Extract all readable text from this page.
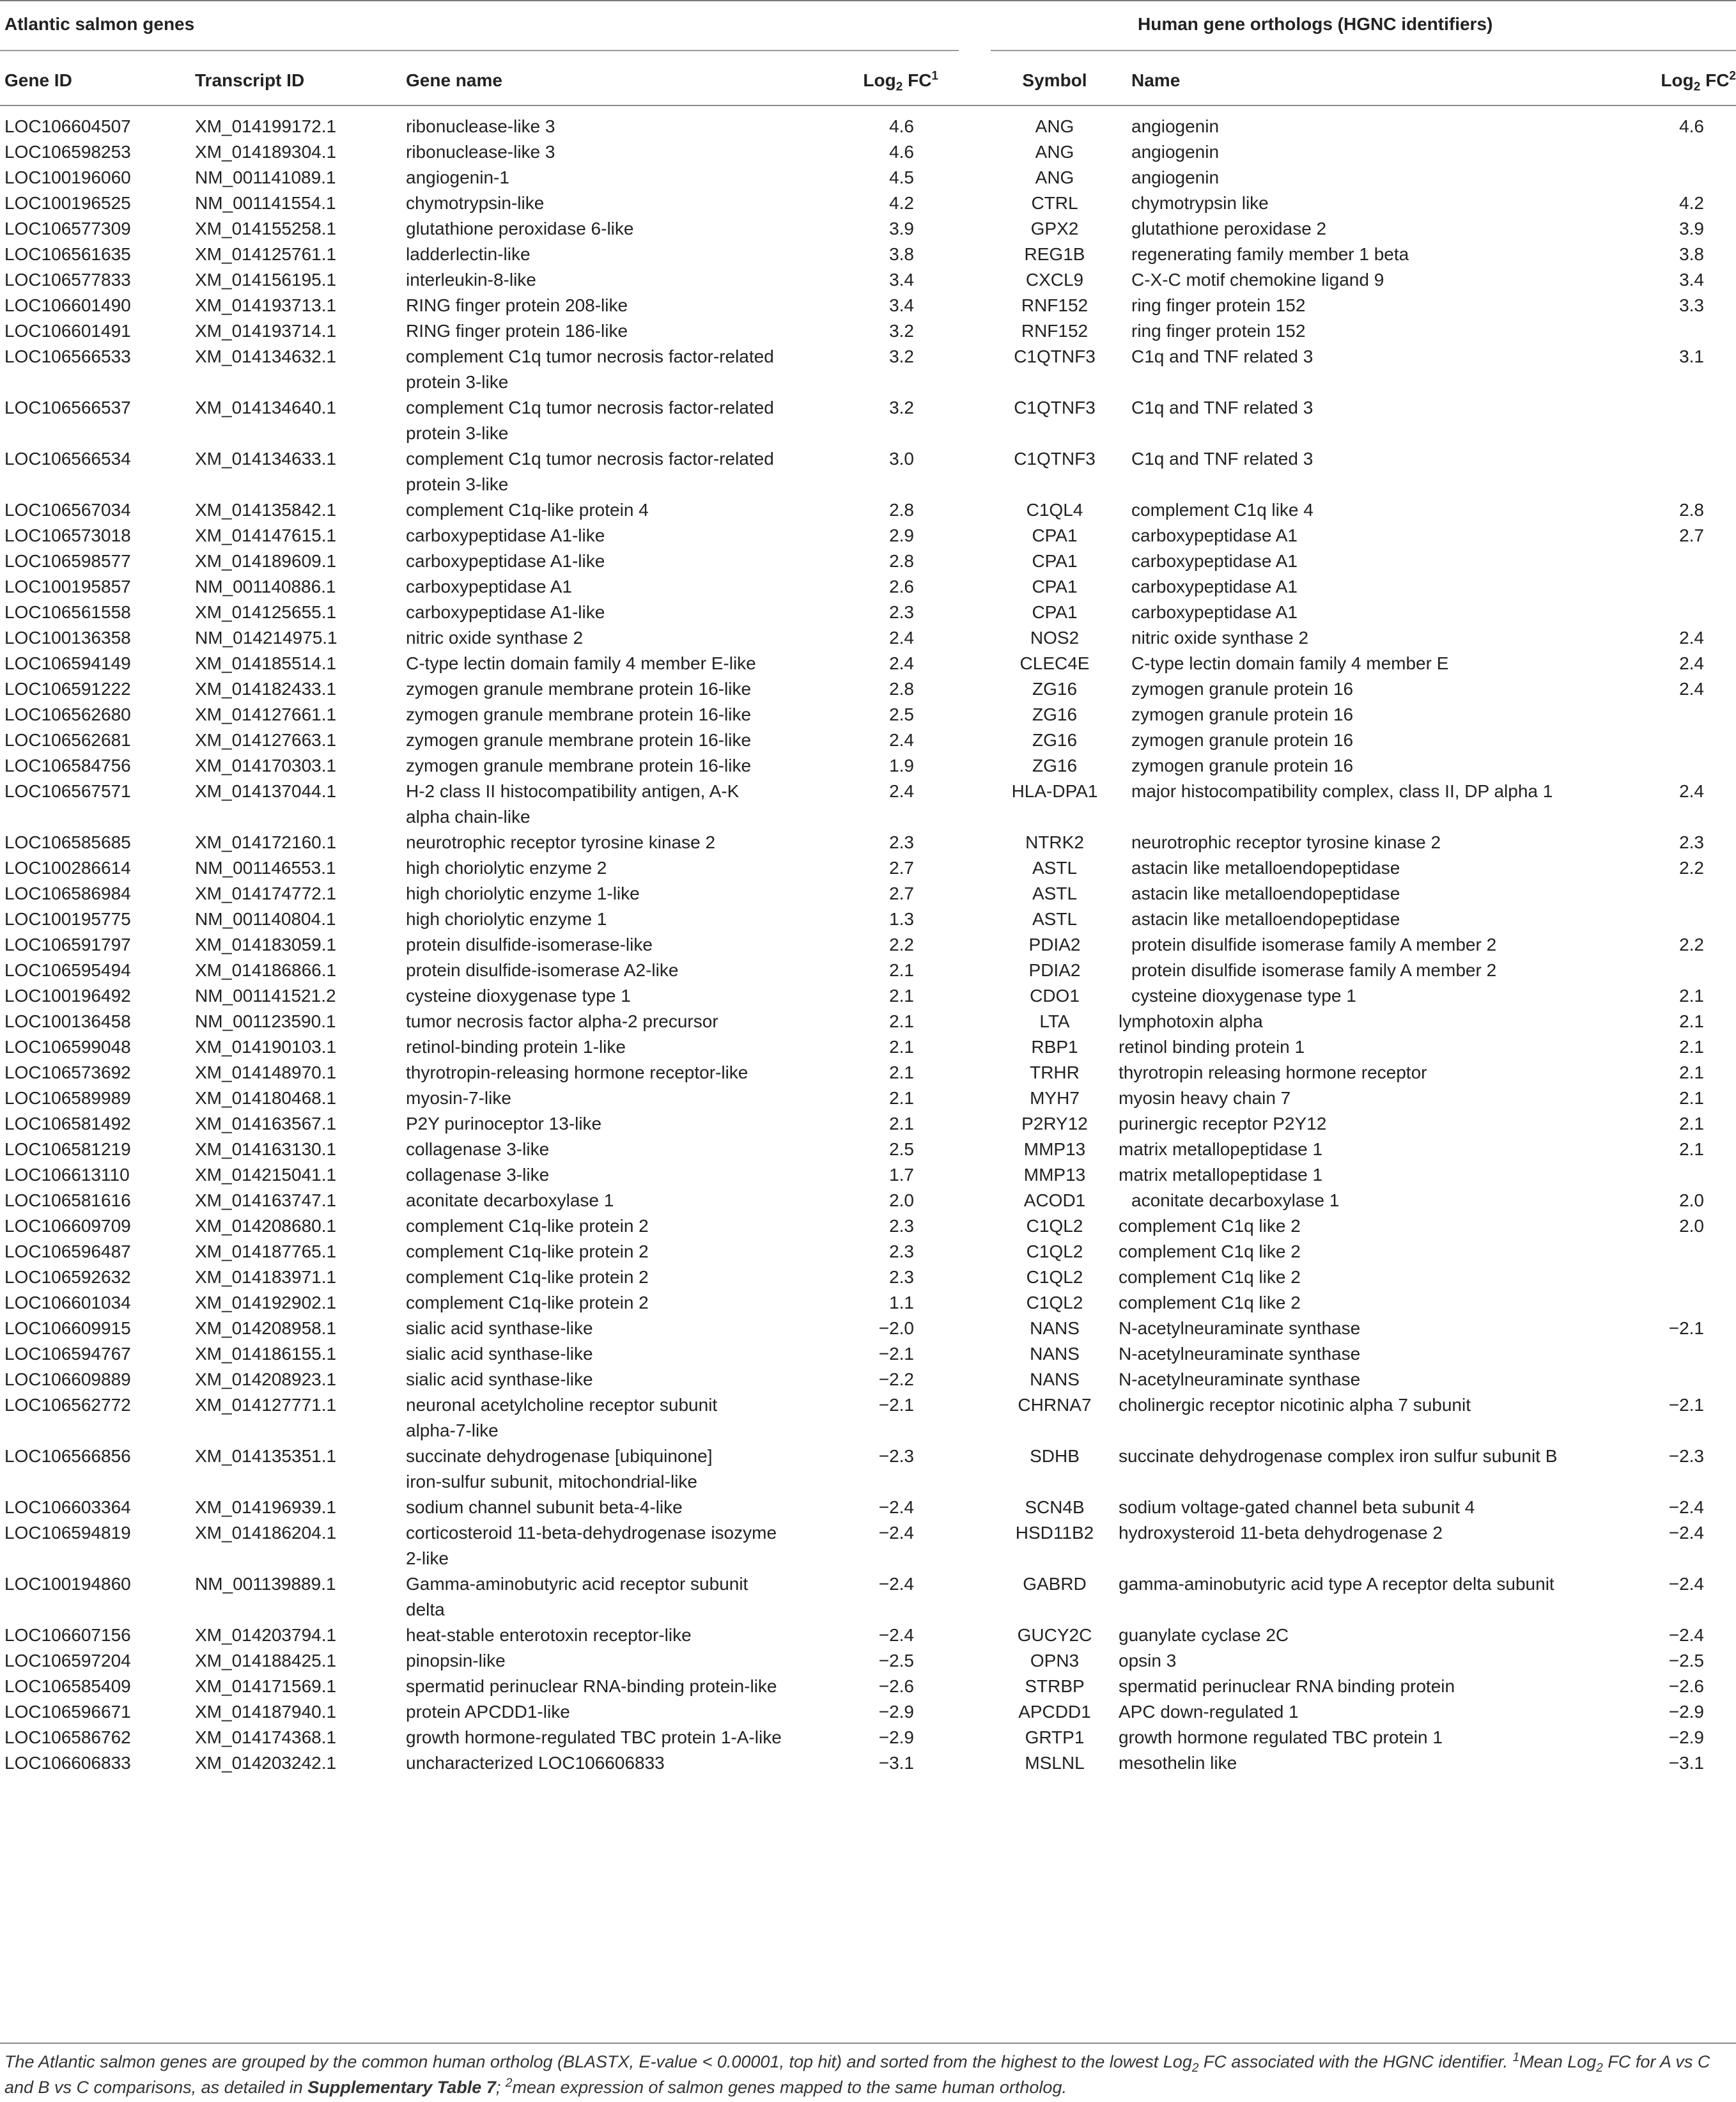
Atlantic salmon genes	Human gene orthologs (HGNC identifiers)
Gene ID	Transcript ID	Gene name	Log$_2$ $FC^1$		Symbol	Name	Log$_2$ $FC^2$
LOC106604507	XM_014199172.1	ribonuclease-like 3	4.6		ANG	angiogenin	4.6
LOC106598253	XM_014189304.1	ribonuclease-like 3	4.6		ANG	angiogenin	
LOC100196060	NM_001141089.1	angiogenin-1	4.5		ANG	angiogenin	
LOC100196525	NM_001141554.1	chymotrypsin-like	4.2		CTRL	chymotrypsin like	4.2
LOC106577309	XM_014155258.1	glutathione peroxidase 6-like	3.9		GPX2	glutathione peroxidase 2	3.9
LOC106561635	XM_014125761.1	ladderlectin-like	3.8		REG1B	regenerating family member 1 beta	3.8
LOC106577833	XM_014156195.1	interleukin-8-like	3.4		CXCL9	C-X-C motif chemokine ligand 9	3.4
LOC106601490	XM_014193713.1	RING finger protein 208-like	3.4		RNF152	ring finger protein 152	3.3
LOC106601491	XM_014193714.1	RING finger protein 186-like	3.2		RNF152	ring finger protein 152	
LOC106566533	XM_014134632.1	complement C1q tumor necrosis factor-related
protein 3-like	3.2		C1QTNF3	C1q and TNF related 3	3.1
LOC106566537	XM_014134640.1	complement C1q tumor necrosis factor-related
protein 3-like	3.2		C1QTNF3	C1q and TNF related 3	
LOC106566534	XM_014134633.1	complement C1q tumor necrosis factor-related
protein 3-like	3.0		C1QTNF3	C1q and TNF related 3	
LOC106567034	XM_014135842.1	complement C1q-like protein 4	2.8		C1QL4	complement C1q like 4	2.8
LOC106573018	XM_014147615.1	carboxypeptidase A1-like	2.9		CPA1	carboxypeptidase A1	2.7
LOC106598577	XM_014189609.1	carboxypeptidase A1-like	2.8		CPA1	carboxypeptidase A1	
LOC100195857	NM_001140886.1	carboxypeptidase A1	2.6		CPA1	carboxypeptidase A1	
LOC106561558	XM_014125655.1	carboxypeptidase A1-like	2.3		CPA1	carboxypeptidase A1	
LOC100136358	NM_014214975.1	nitric oxide synthase 2	2.4		NOS2	nitric oxide synthase 2	2.4
LOC106594149	XM_014185514.1	C-type lectin domain family 4 member E-like	2.4		CLEC4E	C-type lectin domain family 4 member E	2.4
LOC106591222	XM_014182433.1	zymogen granule membrane protein 16-like	2.8		ZG16	zymogen granule protein 16	2.4
LOC106562680	XM_014127661.1	zymogen granule membrane protein 16-like	2.5		ZG16	zymogen granule protein 16	
LOC106562681	XM_014127663.1	zymogen granule membrane protein 16-like	2.4		ZG16	zymogen granule protein 16	
LOC106584756	XM_014170303.1	zymogen granule membrane protein 16-like	1.9		ZG16	zymogen granule protein 16	
LOC106567571	XM_014137044.1	H-2 class II histocompatibility antigen, A-K
alpha chain-like	2.4		HLA-DPA1	major histocompatibility complex, class II, DP alpha 1	2.4
LOC106585685	XM_014172160.1	neurotrophic receptor tyrosine kinase 2	2.3		NTRK2	neurotrophic receptor tyrosine kinase 2	2.3
LOC100286614	NM_001146553.1	high choriolytic enzyme 2	2.7		ASTL	astacin like metalloendopeptidase	2.2
LOC106586984	XM_014174772.1	high choriolytic enzyme 1-like	2.7		ASTL	astacin like metalloendopeptidase	
LOC100195775	NM_001140804.1	high choriolytic enzyme 1	1.3		ASTL	astacin like metalloendopeptidase	
LOC106591797	XM_014183059.1	protein disulfide-isomerase-like	2.2		PDIA2	protein disulfide isomerase family A member 2	2.2
LOC106595494	XM_014186866.1	protein disulfide-isomerase A2-like	2.1		PDIA2	protein disulfide isomerase family A member 2	
LOC100196492	NM_001141521.2	cysteine dioxygenase type 1	2.1		CDO1	cysteine dioxygenase type 1	2.1
LOC100136458	NM_001123590.1	tumor necrosis factor alpha-2 precursor	2.1		LTA	lymphotoxin alpha	2.1
LOC106599048	XM_014190103.1	retinol-binding protein 1-like	2.1		RBP1	retinol binding protein 1	2.1
LOC106573692	XM_014148970.1	thyrotropin-releasing hormone receptor-like	2.1		TRHR	thyrotropin releasing hormone receptor	2.1
LOC106589989	XM_014180468.1	myosin-7-like	2.1		MYH7	myosin heavy chain 7	2.1
LOC106581492	XM_014163567.1	P2Y purinoceptor 13-like	2.1		P2RY12	purinergic receptor P2Y12	2.1
LOC106581219	XM_014163130.1	collagenase 3-like	2.5		MMP13	matrix metallopeptidase 1	2.1
LOC106613110	XM_014215041.1	collagenase 3-like	1.7		MMP13	matrix metallopeptidase 1	
LOC106581616	XM_014163747.1	aconitate decarboxylase 1	2.0		ACOD1	aconitate decarboxylase 1	2.0
LOC106609709	XM_014208680.1	complement C1q-like protein 2	2.3		C1QL2	complement C1q like 2	2.0
LOC106596487	XM_014187765.1	complement C1q-like protein 2	2.3		C1QL2	complement C1q like 2	
LOC106592632	XM_014183971.1	complement C1q-like protein 2	2.3		C1QL2	complement C1q like 2	
LOC106601034	XM_014192902.1	complement C1q-like protein 2	1.1		C1QL2	complement C1q like 2	
LOC106609915	XM_014208958.1	sialic acid synthase-like	−2.0		NANS	N-acetylneuraminate synthase	−2.1
LOC106594767	XM_014186155.1	sialic acid synthase-like	−2.1		NANS	N-acetylneuraminate synthase	
LOC106609889	XM_014208923.1	sialic acid synthase-like	−2.2		NANS	N-acetylneuraminate synthase	
LOC106562772	XM_014127771.1	neuronal acetylcholine receptor subunit
alpha-7-like	−2.1		CHRNA7	cholinergic receptor nicotinic alpha 7 subunit	−2.1
LOC106566856	XM_014135351.1	succinate dehydrogenase [ubiquinone]
iron-sulfur subunit, mitochondrial-like	−2.3		SDHB	succinate dehydrogenase complex iron sulfur subunit B	−2.3
LOC106603364	XM_014196939.1	sodium channel subunit beta-4-like	−2.4		SCN4B	sodium voltage-gated channel beta subunit 4	−2.4
LOC106594819	XM_014186204.1	corticosteroid 11-beta-dehydrogenase isozyme
2-like	−2.4		HSD11B2	hydroxysteroid 11-beta dehydrogenase 2	−2.4
LOC100194860	NM_001139889.1	Gamma-aminobutyric acid receptor subunit
delta	−2.4		GABRD	gamma-aminobutyric acid type A receptor delta subunit	−2.4
LOC106607156	XM_014203794.1	heat-stable enterotoxin receptor-like	−2.4		GUCY2C	guanylate cyclase 2C	−2.4
LOC106597204	XM_014188425.1	pinopsin-like	−2.5		OPN3	opsin 3	−2.5
LOC106585409	XM_014171569.1	spermatid perinuclear RNA-binding protein-like	−2.6		STRBP	spermatid perinuclear RNA binding protein	−2.6
LOC106596671	XM_014187940.1	protein APCDD1-like	−2.9		APCDD1	APC down-regulated 1	−2.9
LOC106586762	XM_014174368.1	growth hormone-regulated TBC protein 1-A-like	−2.9		GRTP1	growth hormone regulated TBC protein 1	−2.9
LOC106606833	XM_014203242.1	uncharacterized LOC106606833	−3.1		MSLNL	mesothelin like	−3.1
The Atlantic salmon genes are grouped by the common human ortholog (BLASTX, E-value < 0.00001, top hit) and sorted from the highest to the lowest Log$_2$ FC associated with the HGNC identifier. $^1$Mean Log$_2$ FC for A vs C and B vs C comparisons, as detailed in Supplementary Table 7; $^2$mean expression of salmon genes mapped to the same human ortholog.
